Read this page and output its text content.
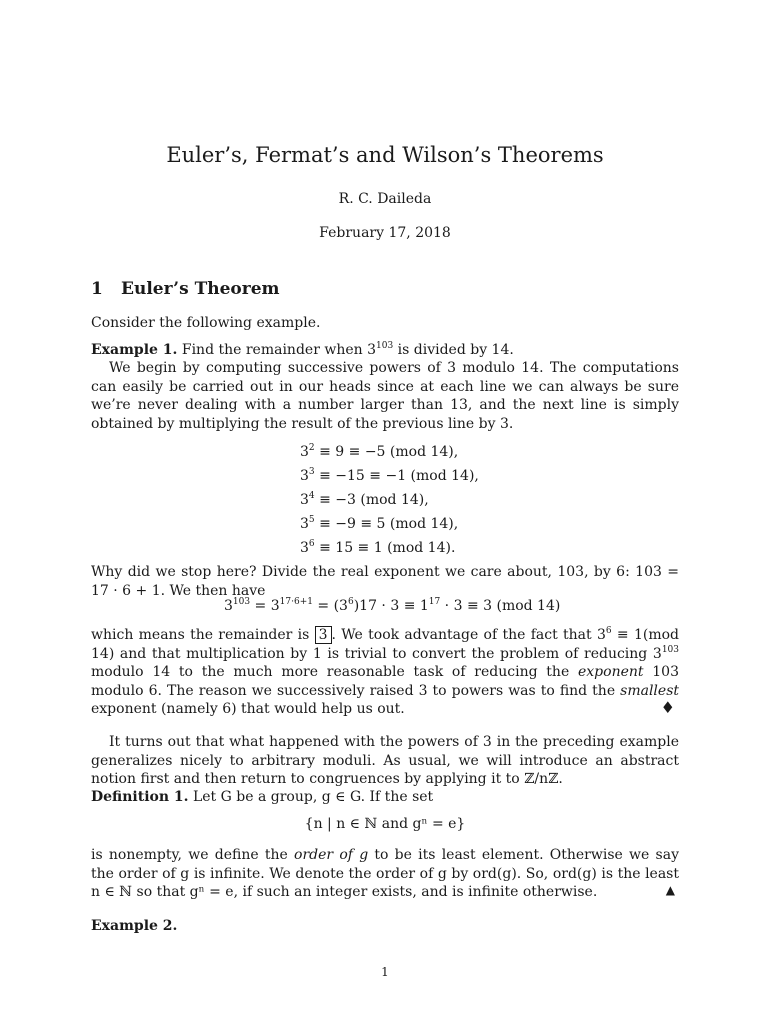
Euler’s, Fermat’s and Wilson’s Theorems
R. C. Daileda
February 17, 2018
1 Euler’s Theorem

Consider the following example.

Example 1. Find the remainder when $3^{103}$ is divided by 14.

We begin by computing successive powers of 3 modulo 14. The computations can easily be carried out in our heads since at each line we can always be sure we’re never dealing with a number larger than 13, and the next line is simply obtained by multiplying the result of the previous line by 3.

$3^2 \equiv 9 \equiv -5$ (mod 14),
$3^3 \equiv -15 \equiv -1$ (mod 14),
$3^4 \equiv -3$ (mod 14),
$3^5 \equiv -9 \equiv 5$ (mod 14),
$3^6 \equiv 15 \equiv 1$ (mod 14).

Why did we stop here? Divide the real exponent we care about, 103, by 6: 103 = 17 · 6 + 1. We then have

$3^{103} = 3^{17\cdot 6+1} = (3^6)17 \cdot 3 \equiv 1^{17} \cdot 3 \equiv 3$ (mod 14)

which means the remainder is 3 . We took advantage of the fact that $3^6 \equiv 1(mod$ 14) and that multiplication by 1 is trivial to convert the problem of reducing $3^{103}$ modulo 14 to the much more reasonable task of reducing the exponent 103 modulo 6. The reason we successively raised 3 to powers was to find the smallest exponent (namely 6) that would help us out.	♦

It turns out that what happened with the powers of 3 in the preceding example generalizes nicely to arbitrary moduli. As usual, we will introduce an abstract notion first and then return to congruences by applying it to ℤ/nℤ.

Definition 1. Let G be a group, g ∈ G. If the set

{n | n ∈ ℕ and gⁿ = e}

is nonempty, we define the order of g to be its least element. Otherwise we say the order of g is infinite. We denote the order of g by ord(g). So, ord(g) is the least n ∈ ℕ so that gⁿ = e, if such an integer exists, and is infinite otherwise.	▲

Example 2.

1
